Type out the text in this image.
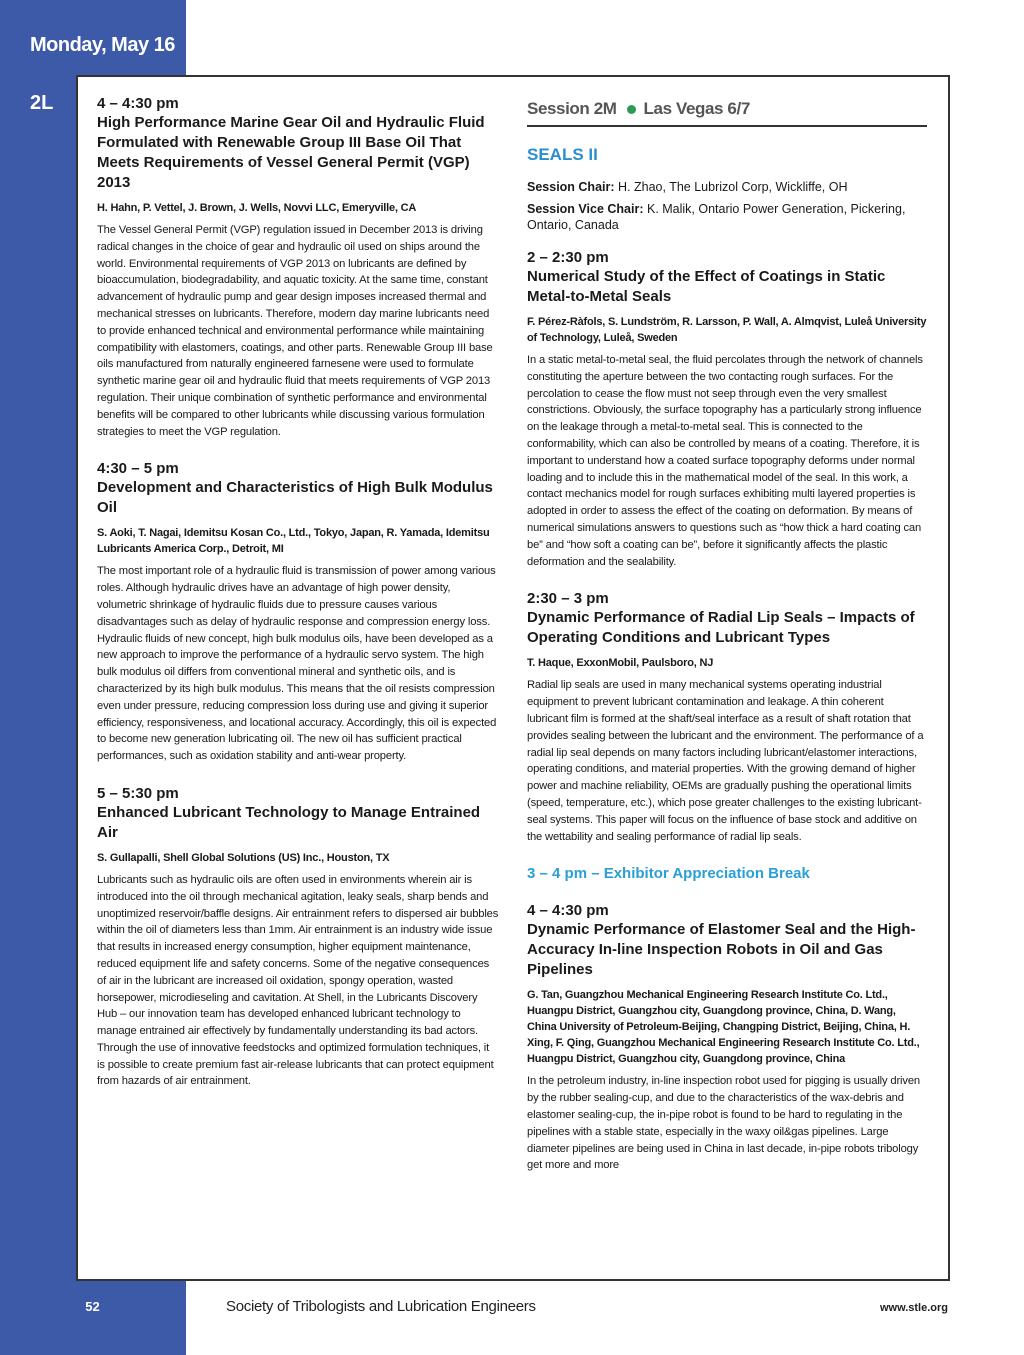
Monday, May 16
2L	4 – 4:30 pm

High Performance Marine Gear Oil and Hydraulic Fluid Formulated with Renewable Group III Base Oil That Meets Requirements of Vessel General Permit (VGP) 2013

H. Hahn, P. Vettel, J. Brown, J. Wells, Novvi LLC, Emeryville, CA

The Vessel General Permit (VGP) regulation issued in December 2013 is driving radical changes in the choice of gear and hydraulic oil used on ships around the world. Environmental requirements of VGP 2013 on lubricants are defined by bioaccumulation, biodegradability, and aquatic toxicity. At the same time, constant advancement of hydraulic pump and gear design imposes increased thermal and mechanical stresses on lubricants. Therefore, modern day marine lubricants need to provide enhanced technical and environmental performance while maintaining compatibility with elastomers, coatings, and other parts. Renewable Group III base oils manufactured from naturally engineered farnesene were used to formulate synthetic marine gear oil and hydraulic fluid that meets requirements of VGP 2013 regulation. Their unique combination of synthetic performance and environmental benefits will be compared to other lubricants while discussing various formulation strategies to meet the VGP regulation.

4:30 – 5 pm

Development and Characteristics of High Bulk Modulus Oil

S. Aoki, T. Nagai, Idemitsu Kosan Co., Ltd., Tokyo, Japan, R. Yamada, Idemitsu Lubricants America Corp., Detroit, MI

The most important role of a hydraulic fluid is transmission of power among various roles. Although hydraulic drives have an advantage of high power density, volumetric shrinkage of hydraulic fluids due to pressure causes various disadvantages such as delay of hydraulic response and compression energy loss. Hydraulic fluids of new concept, high bulk modulus oils, have been developed as a new approach to improve the performance of a hydraulic servo system. The high bulk modulus oil differs from conventional mineral and synthetic oils, and is characterized by its high bulk modulus. This means that the oil resists compression even under pressure, reducing compression loss during use and giving it superior efficiency, responsiveness, and locational accuracy. Accordingly, this oil is expected to become new generation lubricating oil. The new oil has sufficient practical performances, such as oxidation stability and anti-wear property.

5 – 5:30 pm

Enhanced Lubricant Technology to Manage Entrained Air

S. Gullapalli, Shell Global Solutions (US) Inc., Houston, TX

Lubricants such as hydraulic oils are often used in environments wherein air is introduced into the oil through mechanical agitation, leaky seals, sharp bends and unoptimized reservoir/baffle designs. Air entrainment refers to dispersed air bubbles within the oil of diameters less than 1mm. Air entrainment is an industry wide issue that results in increased energy consumption, higher equipment maintenance, reduced equipment life and safety concerns. Some of the negative consequences of air in the lubricant are increased oil oxidation, spongy operation, wasted horsepower, microdieseling and cavitation. At Shell, in the Lubricants Discovery Hub – our innovation team has developed enhanced lubricant technology to manage entrained air effectively by fundamentally understanding its bad actors. Through the use of innovative feedstocks and optimized formulation techniques, it is possible to create premium fast air-release lubricants that can protect equipment from hazards of air entrainment.

Session 2M Las Vegas 6/7
SEALS II

Session Chair: H. Zhao, The Lubrizol Corp, Wickliffe, OH

Session Vice Chair: K. Malik, Ontario Power Generation, Pickering, Ontario, Canada

2 – 2:30 pm

Numerical Study of the Effect of Coatings in Static Metal-to-Metal Seals

F. Pérez-Ràfols, S. Lundström, R. Larsson, P. Wall, A. Almqvist, Luleå University of Technology, Luleå, Sweden

In a static metal-to-metal seal, the fluid percolates through the network of channels constituting the aperture between the two contacting rough surfaces. For the percolation to cease the flow must not seep through even the very smallest constrictions. Obviously, the surface topography has a particularly strong influence on the leakage through a metal-to-metal seal. This is connected to the conformability, which can also be controlled by means of a coating. Therefore, it is important to understand how a coated surface topography deforms under normal loading and to include this in the mathematical model of the seal. In this work, a contact mechanics model for rough surfaces exhibiting multi layered properties is adopted in order to assess the effect of the coating on deformation. By means of numerical simulations answers to questions such as “how thick a hard coating can be” and “how soft a coating can be”, before it significantly affects the plastic deformation and the sealability.

2:30 – 3 pm

Dynamic Performance of Radial Lip Seals – Impacts of Operating Conditions and Lubricant Types

T. Haque, ExxonMobil, Paulsboro, NJ

Radial lip seals are used in many mechanical systems operating industrial equipment to prevent lubricant contamination and leakage. A thin coherent lubricant film is formed at the shaft/seal interface as a result of shaft rotation that provides sealing between the lubricant and the environment. The performance of a radial lip seal depends on many factors including lubricant/elastomer interactions, operating conditions, and material properties. With the growing demand of higher power and machine reliability, OEMs are gradually pushing the operational limits (speed, temperature, etc.), which pose greater challenges to the existing lubricant-seal systems. This paper will focus on the influence of base stock and additive on the wettability and sealing performance of radial lip seals.

3 – 4 pm – Exhibitor Appreciation Break

4 – 4:30 pm

Dynamic Performance of Elastomer Seal and the High-Accuracy In-line Inspection Robots in Oil and Gas Pipelines

G. Tan, Guangzhou Mechanical Engineering Research Institute Co. Ltd., Huangpu District, Guangzhou city, Guangdong province, China, D. Wang, China University of Petroleum-Beijing, Changping District, Beijing, China, H. Xing, F. Qing, Guangzhou Mechanical Engineering Research Institute Co. Ltd., Huangpu District, Guangzhou city, Guangdong province, China

In the petroleum industry, in-line inspection robot used for pigging is usually driven by the rubber sealing-cup, and due to the characteristics of the wax-debris and elastomer sealing-cup, the in-pipe robot is found to be hard to regulating in the pipelines with a stable state, especially in the waxy oil&gas pipelines. Large diameter pipelines are being used in China in last decade, in-pipe robots tribology get more and more

52	Society of Tribologists and Lubrication Engineers	www.stle.org
